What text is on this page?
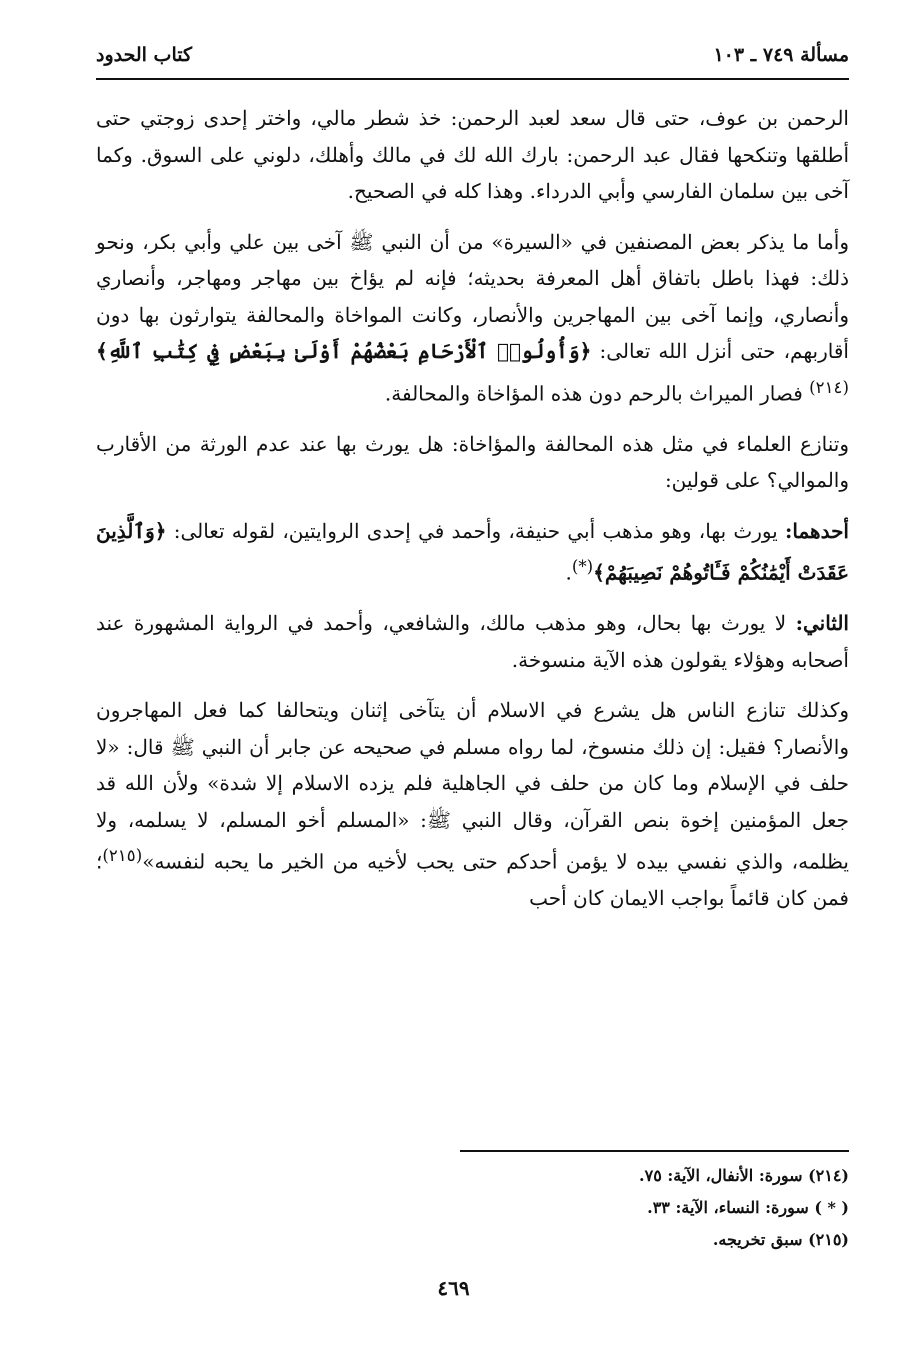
مسألة ٧٤٩ ـ ١٠٣
كتاب الحدود

الرحمن بن عوف، حتى قال سعد لعبد الرحمن: خذ شطر مالي، واختر إحدى زوجتي حتى أطلقها وتنكحها فقال عبد الرحمن: بارك الله لك في مالك وأهلك، دلوني على السوق. وكما آخى بين سلمان الفارسي وأبي الدرداء. وهذا كله في الصحيح.

وأما ما يذكر بعض المصنفين في «السيرة» من أن النبي ﷺ آخى بين علي وأبي بكر، ونحو ذلك: فهذا باطل باتفاق أهل المعرفة بحديثه؛ فإنه لم يؤاخ بين مهاجر ومهاجر، وأنصاري وأنصاري، وإنما آخى بين المهاجرين والأنصار، وكانت المواخاة والمحالفة يتوارثون بها دون أقاربهم، حتى أنزل الله تعالى: ﴿وَأُولُوا۟ ٱلْأَرْحَامِ بَعْضُهُمْ أَوْلَىٰ بِبَعْضٍ فِي كِتَٰبِ ٱللَّهِ﴾$^{(٢١٤)}$ فصار الميراث بالرحم دون هذه المؤاخاة والمحالفة.

وتنازع العلماء في مثل هذه المحالفة والمؤاخاة: هل يورث بها عند عدم الورثة من الأقارب والموالي؟ على قولين:

أحدهما: يورث بها، وهو مذهب أبي حنيفة، وأحمد في إحدى الروايتين، لقوله تعالى: ﴿وَٱلَّذِينَ عَقَدَتْ أَيْمَٰنُكُمْ فَـَٔاتُوهُمْ نَصِيبَهُمْ﴾(*).

الثاني: لا يورث بها بحال، وهو مذهب مالك، والشافعي، وأحمد في الرواية المشهورة عند أصحابه وهؤلاء يقولون هذه الآية منسوخة.

وكذلك تنازع الناس هل يشرع في الاسلام أن يتآخى إثنان ويتحالفا كما فعل المهاجرون والأنصار؟ فقيل: إن ذلك منسوخ، لما رواه مسلم في صحيحه عن جابر أن النبي ﷺ قال: «لا حلف في الإسلام وما كان من حلف في الجاهلية فلم يزده الاسلام إلا شدة» ولأن الله قد جعل المؤمنين إخوة بنص القرآن، وقال النبي ﷺ: «المسلم أخو المسلم، لا يسلمه، ولا يظلمه، والذي نفسي بيده لا يؤمن أحدكم حتى يحب لأخيه من الخير ما يحبه لنفسه»$^{(٢١٥)}$؛ فمن كان قائماً بواجب الايمان كان أحب

(٢١٤) سورة: الأنفال، الآية: ٧٥.

( * ) سورة: النساء، الآية: ٣٣.

(٢١٥) سبق تخريجه.

٤٦٩
